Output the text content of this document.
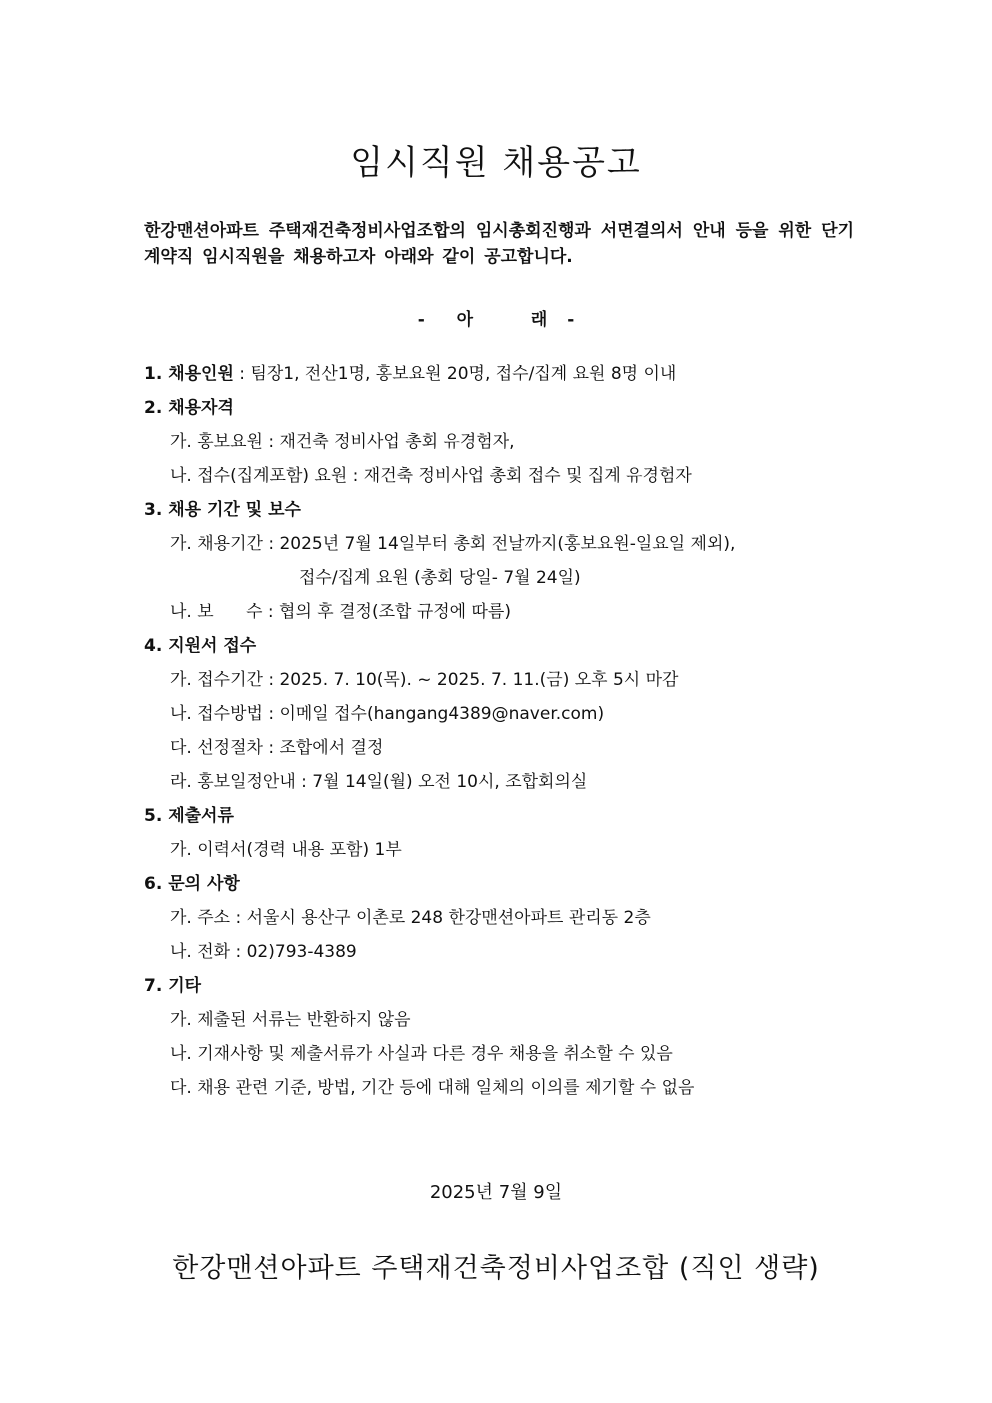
임시직원 채용공고
한강맨션아파트 주택재건축정비사업조합의 임시총회진행과 서면결의서 안내 등을 위한 단기 계약직 임시직원을 채용하고자 아래와 같이 공고합니다.
- 아	래 -
1. 채용인원 : 팀장1, 전산1명, 홍보요원 20명, 접수/집계 요원 8명 이내
2. 채용자격
가. 홍보요원 : 재건축 정비사업 총회 유경험자,
나. 접수(집계포함) 요원 : 재건축 정비사업 총회 접수 및 집계 유경험자
3. 채용 기간 및 보수
가. 채용기간 : 2025년 7월 14일부터 총회 전날까지(홍보요원-일요일 제외),
접수/집계 요원 (총회 당일- 7월 24일)
나. 보      수 : 협의 후 결정(조합 규정에 따름)
4. 지원서 접수
가. 접수기간 : 2025. 7. 10(목). ~ 2025. 7. 11.(금) 오후 5시 마감
나. 접수방법 : 이메일 접수(hangang4389@naver.com)
다. 선정절차 : 조합에서 결정
라. 홍보일정안내 : 7월 14일(월) 오전 10시, 조합회의실
5. 제출서류
가. 이력서(경력 내용 포함) 1부
6. 문의 사항
가. 주소 : 서울시 용산구 이촌로 248 한강맨션아파트 관리동 2층
나. 전화 : 02)793-4389
7. 기타
가. 제출된 서류는 반환하지 않음
나. 기재사항 및 제출서류가 사실과 다른 경우 채용을 취소할 수 있음
다. 채용 관련 기준, 방법, 기간 등에 대해 일체의 이의를 제기할 수 없음
2025년 7월 9일
한강맨션아파트 주택재건축정비사업조합 (직인 생략)
